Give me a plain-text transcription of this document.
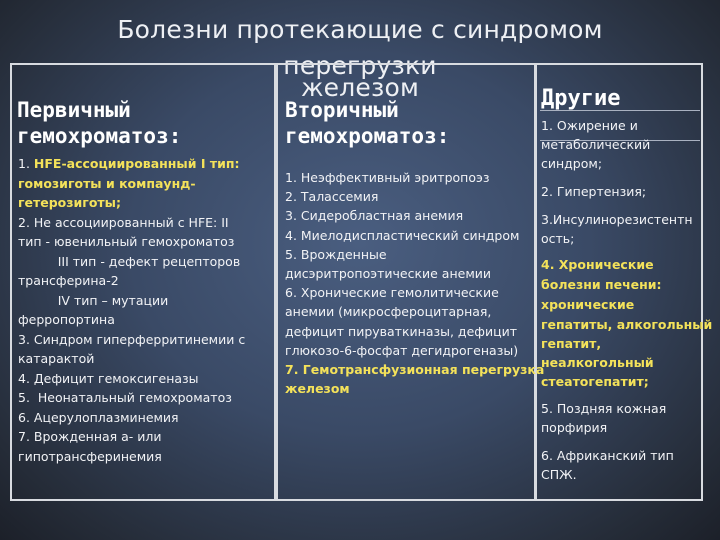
Болезни протекающие с синдромом перегрузки
железом
Первичный
гемохроматоз:
1. HFE-ассоциированный I тип:
гомозиготы и компаунд-
гетерозиготы;
2. Не ассоциированный с HFE: II
тип - ювенильный гемохроматоз
III тип - дефект рецепторов
трансферина-2
IV тип – мутации
ферропортина
3. Синдром гиперферритинемии с
катарактой
4. Дефицит гемоксигеназы
5.  Неонатальный гемохроматоз
6. Ацерулоплазминемия
7. Врожденная а- или
гипотрансферинемия
Вторичный
гемохроматоз:
1. Неэффективный эритропоэз
2. Талассемия
3. Сидеробластная анемия
4. Миелодиспластический синдром
5. Врожденные
дисэритропоэтические анемии
6. Хронические гемолитические
анемии (микросфероцитарная,
дефицит пируваткиназы, дефицит
глюкозо-6-фосфат дегидрогеназы)
7. Гемотрансфузионная перегрузка
железом
Другие
1. Ожирение и
метаболический
синдром;
2. Гипертензия;
3.Инсулинорезистентн
ость;
4. Хронические
болезни печени:
хронические
гепатиты, алкогольный
гепатит,
неалкогольный
стеатогепатит;
5. Поздняя кожная
порфирия
6. Африканский тип
СПЖ.
